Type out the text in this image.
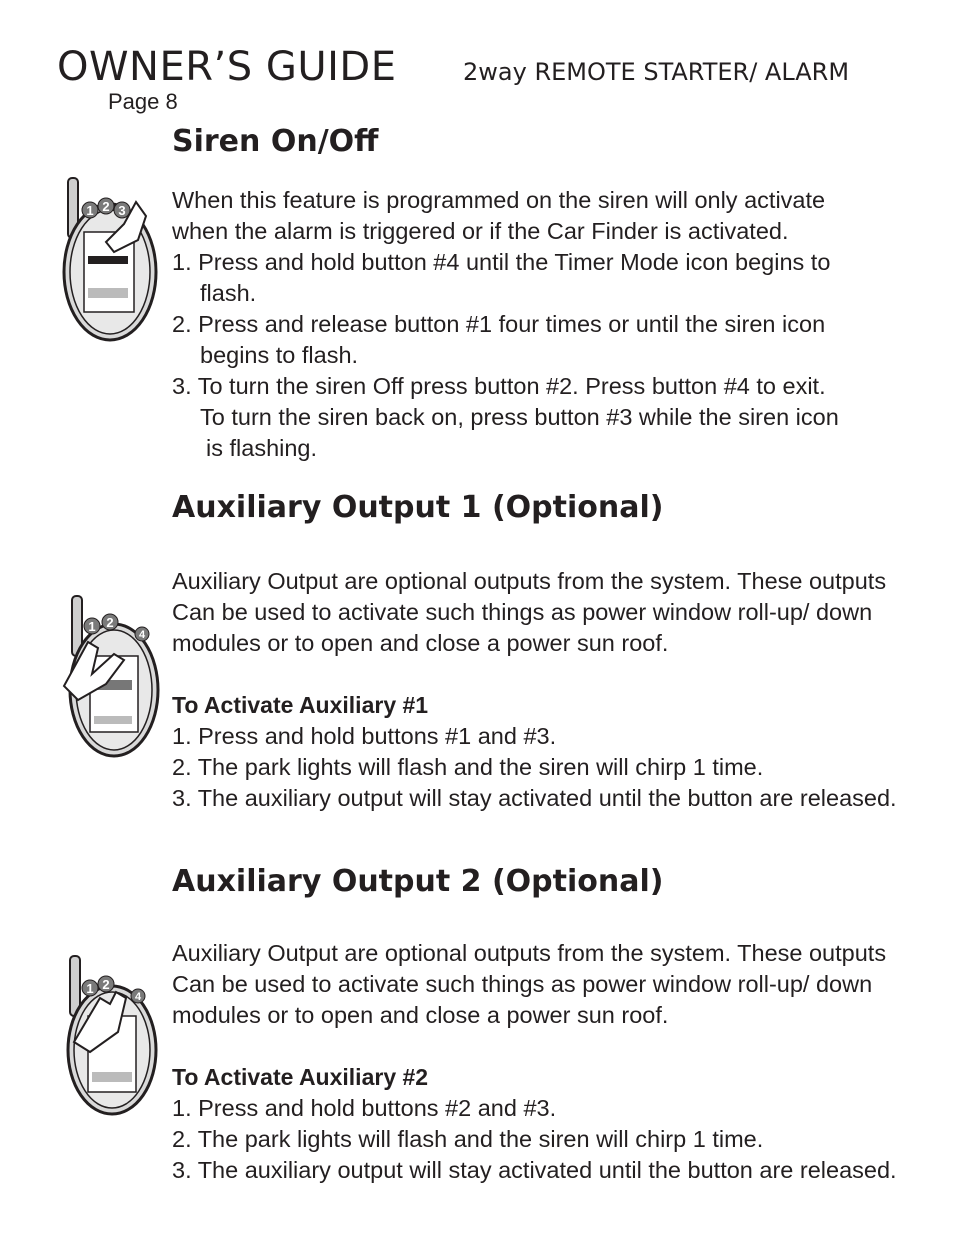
OWNER’S GUIDE	2way REMOTE STARTER/ ALARM
Page 8
Siren On/Off
1 2 3 When this feature is programmed on the siren will only activate
when the alarm is triggered or if the Car Finder is activated.
1. Press and hold button #4 until the Timer Mode icon begins to
flash.
2. Press and release button #1 four times or until the siren icon
begins to flash.
3. To turn the siren Off press button #2. Press button #4 to exit.
To turn the siren back on, press button #3 while the siren icon
is flashing.
Auxiliary Output 1 (Optional)
1 2
4
Auxiliary Output are optional outputs from the system. These outputs
Can be used to activate such things as power window roll-up/ down
modules or to open and close a power sun roof.
To Activate Auxiliary #1
1. Press and hold buttons #1 and #3.
2. The park lights will flash and the siren will chirp 1 time.
3. The auxiliary output will stay activated until the button are released.
Auxiliary Output 2 (Optional)
1 2
4
Auxiliary Output are optional outputs from the system. These outputs
Can be used to activate such things as power window roll-up/ down
modules or to open and close a power sun roof.
To Activate Auxiliary #2
1. Press and hold buttons #2 and #3.
2. The park lights will flash and the siren will chirp 1 time.
3. The auxiliary output will stay activated until the button are released.
